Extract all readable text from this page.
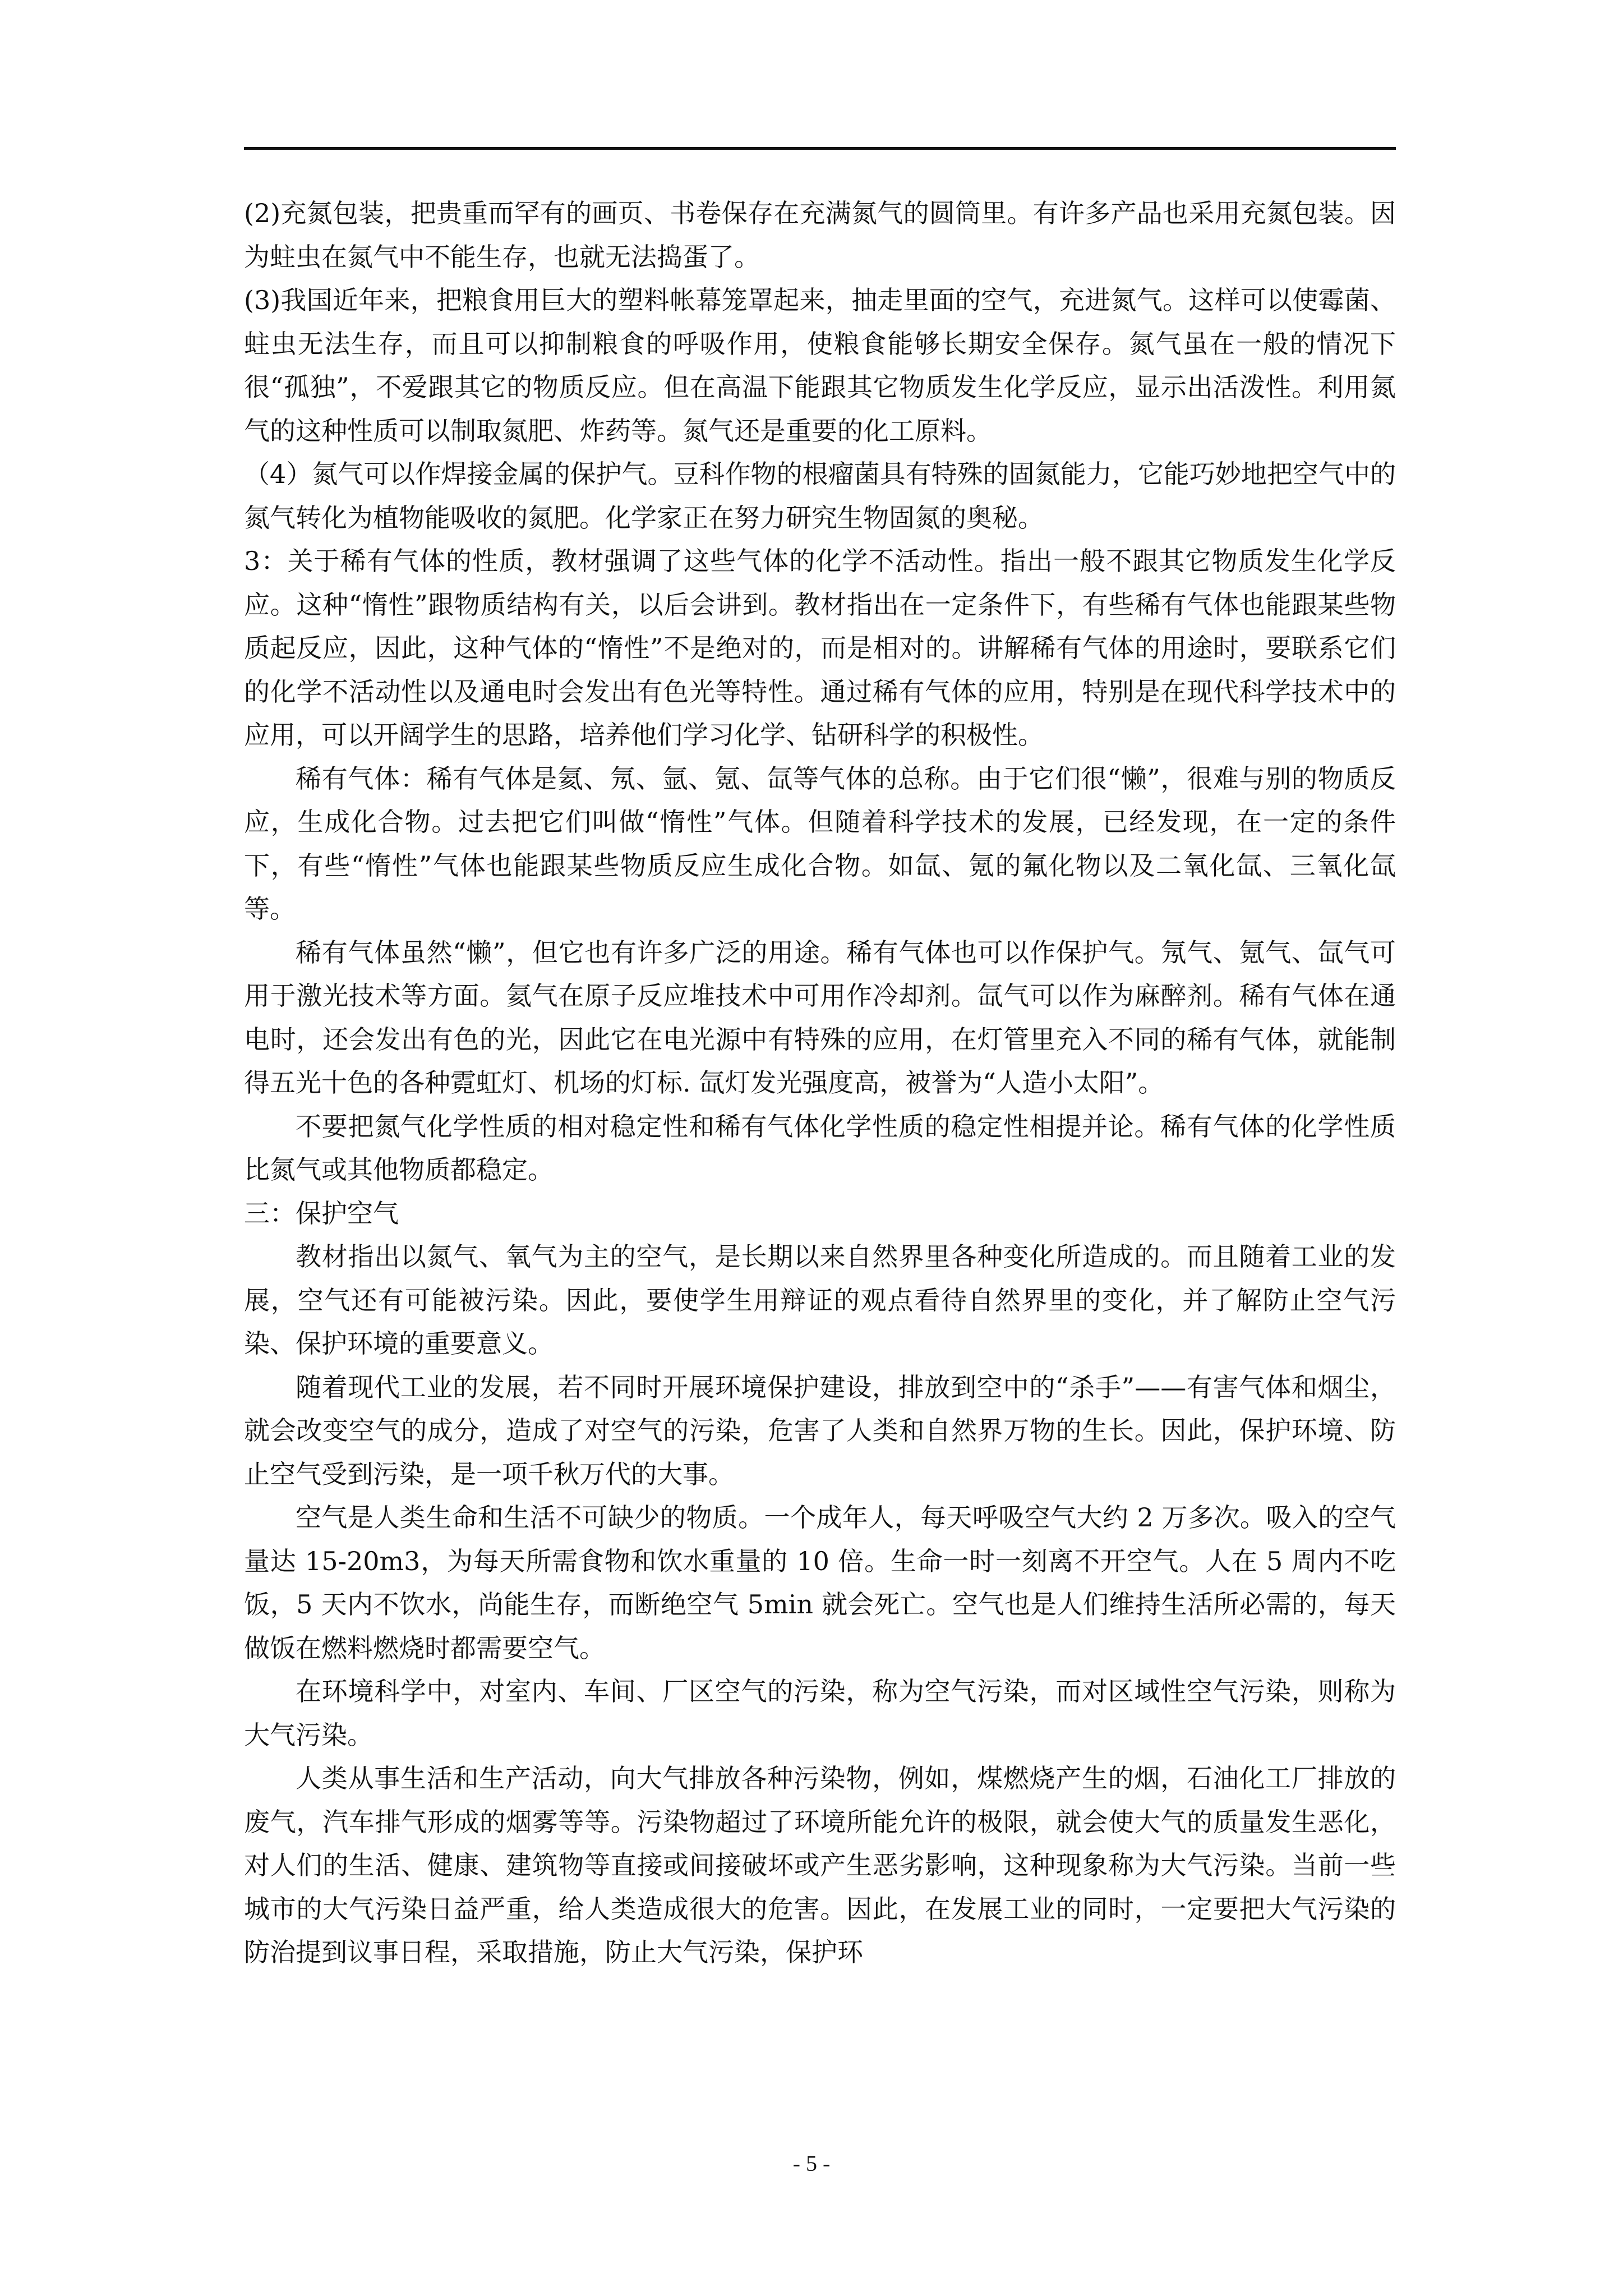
(2)充氮包装，把贵重而罕有的画页、书卷保存在充满氮气的圆筒里。有许多产品也采用充氮包装。因为蛀虫在氮气中不能生存，也就无法捣蛋了。

(3)我国近年来，把粮食用巨大的塑料帐幕笼罩起来，抽走里面的空气，充进氮气。这样可以使霉菌、蛀虫无法生存，而且可以抑制粮食的呼吸作用，使粮食能够长期安全保存。氮气虽在一般的情况下很“孤独”，不爱跟其它的物质反应。但在高温下能跟其它物质发生化学反应，显示出活泼性。利用氮气的这种性质可以制取氮肥、炸药等。氮气还是重要的化工原料。

（4）氮气可以作焊接金属的保护气。豆科作物的根瘤菌具有特殊的固氮能力，它能巧妙地把空气中的氮气转化为植物能吸收的氮肥。化学家正在努力研究生物固氮的奥秘。

3：关于稀有气体的性质，教材强调了这些气体的化学不活动性。指出一般不跟其它物质发生化学反应。这种“惰性”跟物质结构有关，以后会讲到。教材指出在一定条件下，有些稀有气体也能跟某些物质起反应，因此，这种气体的“惰性”不是绝对的，而是相对的。讲解稀有气体的用途时，要联系它们的化学不活动性以及通电时会发出有色光等特性。通过稀有气体的应用，特别是在现代科学技术中的应用，可以开阔学生的思路，培养他们学习化学、钻研科学的积极性。

稀有气体：稀有气体是氦、氖、氩、氪、氙等气体的总称。由于它们很“懒”，很难与别的物质反应，生成化合物。过去把它们叫做“惰性”气体。但随着科学技术的发展，已经发现，在一定的条件下，有些“惰性”气体也能跟某些物质反应生成化合物。如氙、氪的氟化物以及二氧化氙、三氧化氙等。

稀有气体虽然“懒”，但它也有许多广泛的用途。稀有气体也可以作保护气。氖气、氪气、氙气可用于激光技术等方面。氦气在原子反应堆技术中可用作冷却剂。氙气可以作为麻醉剂。稀有气体在通电时，还会发出有色的光，因此它在电光源中有特殊的应用，在灯管里充入不同的稀有气体，就能制得五光十色的各种霓虹灯、机场的灯标. 氙灯发光强度高，被誉为“人造小太阳”。

不要把氮气化学性质的相对稳定性和稀有气体化学性质的稳定性相提并论。稀有气体的化学性质比氮气或其他物质都稳定。

三：保护空气

教材指出以氮气、氧气为主的空气，是长期以来自然界里各种变化所造成的。而且随着工业的发展，空气还有可能被污染。因此，要使学生用辩证的观点看待自然界里的变化，并了解防止空气污染、保护环境的重要意义。

随着现代工业的发展，若不同时开展环境保护建设，排放到空中的“杀手”——有害气体和烟尘，就会改变空气的成分，造成了对空气的污染，危害了人类和自然界万物的生长。因此，保护环境、防止空气受到污染，是一项千秋万代的大事。

空气是人类生命和生活不可缺少的物质。一个成年人，每天呼吸空气大约 2 万多次。吸入的空气量达 15-20m3，为每天所需食物和饮水重量的 10 倍。生命一时一刻离不开空气。人在 5 周内不吃饭，5 天内不饮水，尚能生存，而断绝空气 5min 就会死亡。空气也是人们维持生活所必需的，每天做饭在燃料燃烧时都需要空气。

在环境科学中，对室内、车间、厂区空气的污染，称为空气污染，而对区域性空气污染，则称为大气污染。

人类从事生活和生产活动，向大气排放各种污染物，例如，煤燃烧产生的烟，石油化工厂排放的废气，汽车排气形成的烟雾等等。污染物超过了环境所能允许的极限，就会使大气的质量发生恶化，对人们的生活、健康、建筑物等直接或间接破坏或产生恶劣影响，这种现象称为大气污染。当前一些城市的大气污染日益严重，给人类造成很大的危害。因此，在发展工业的同时，一定要把大气污染的防治提到议事日程，采取措施，防止大气污染，保护环

- 5 -
